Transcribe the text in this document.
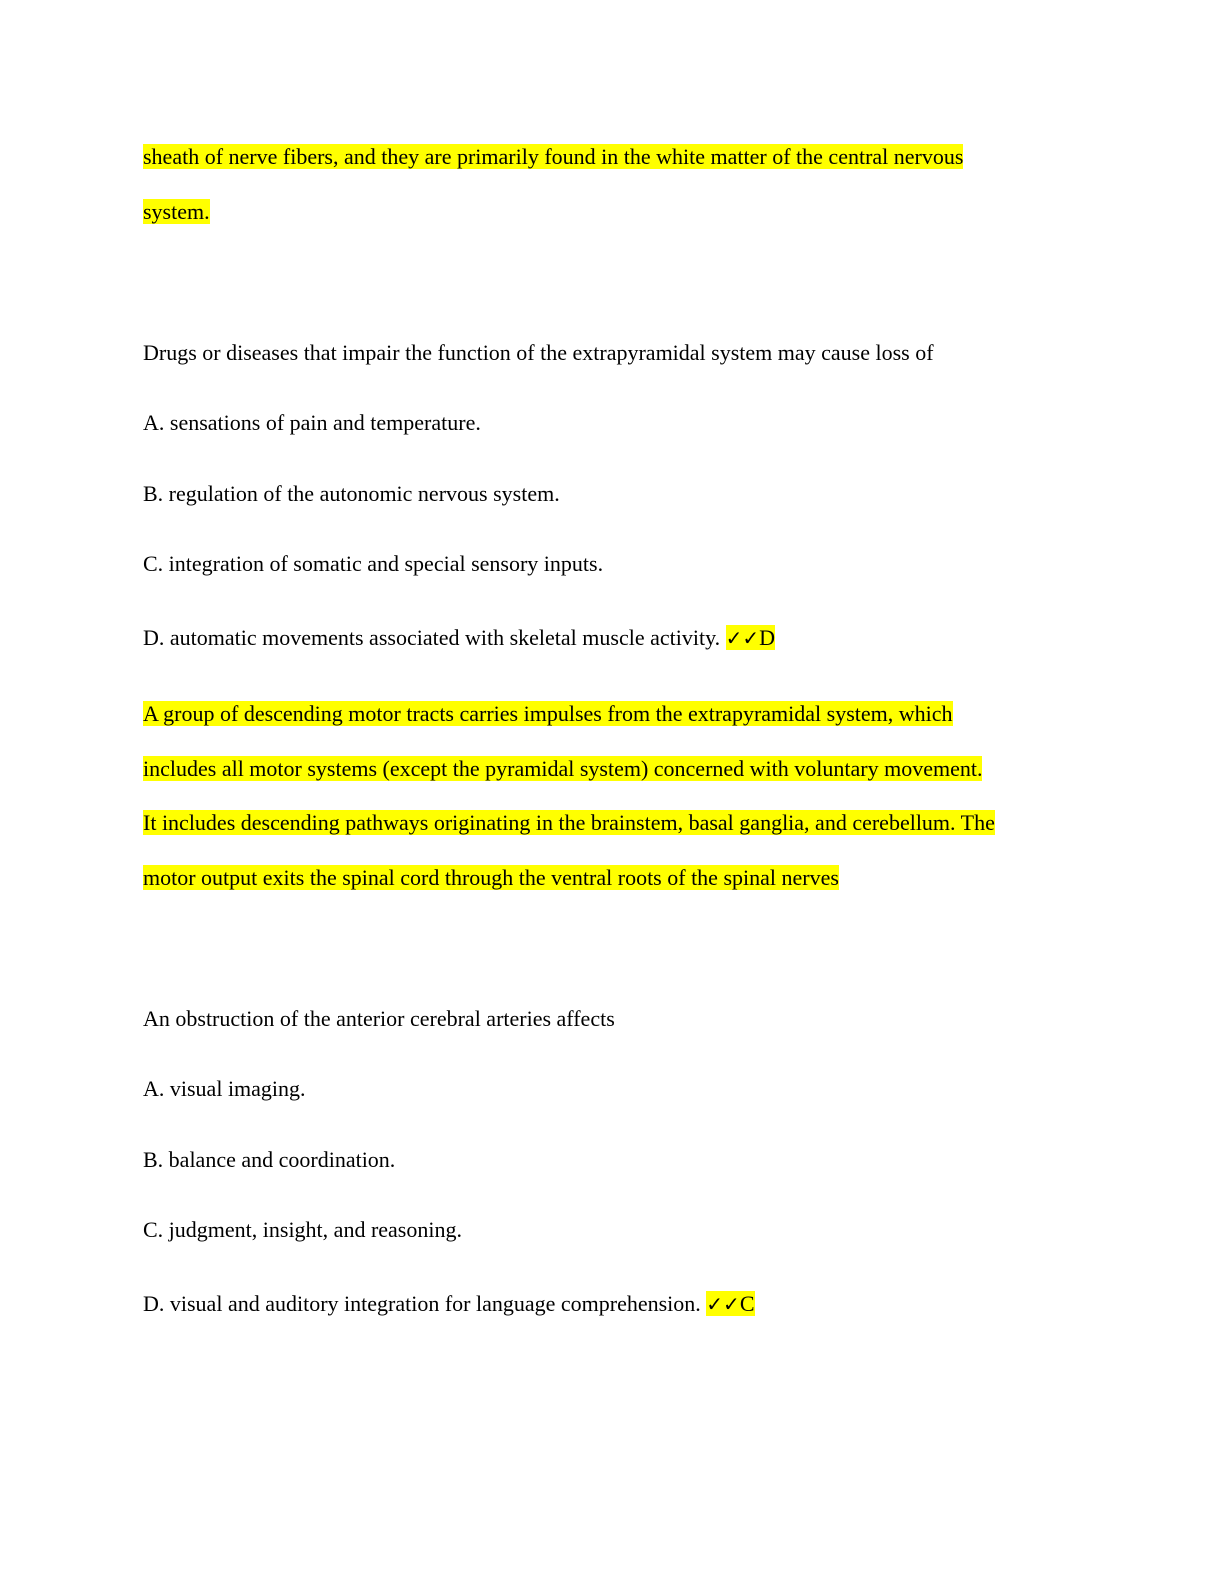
sheath of nerve fibers, and they are primarily found in the white matter of the central nervous
system.
Drugs or diseases that impair the function of the extrapyramidal system may cause loss of
A. sensations of pain and temperature.
B. regulation of the autonomic nervous system.
C. integration of somatic and special sensory inputs.
D. automatic movements associated with skeletal muscle activity. ✓✓D
A group of descending motor tracts carries impulses from the extrapyramidal system, which
includes all motor systems (except the pyramidal system) concerned with voluntary movement.
It includes descending pathways originating in the brainstem, basal ganglia, and cerebellum. The
motor output exits the spinal cord through the ventral roots of the spinal nerves
An obstruction of the anterior cerebral arteries affects
A. visual imaging.
B. balance and coordination.
C. judgment, insight, and reasoning.
D. visual and auditory integration for language comprehension. ✓✓C
